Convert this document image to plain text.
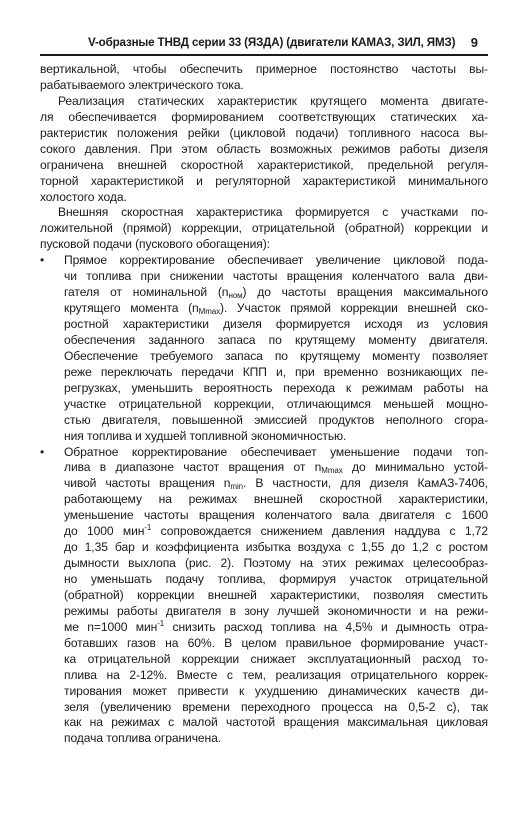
V-образные ТНВД серии 33 (ЯЗДА) (двигатели КАМАЗ, ЗИЛ, ЯМЗ) 9
вертикальной, чтобы обеспечить примерное постоянство частоты вы-
рабатываемого электрического тока.
Реализация статических характеристик крутящего момента двигате-
ля обеспечивается формированием соответствующих статических ха-
рактеристик положения рейки (цикловой подачи) топливного насоса вы-
сокого давления. При этом область возможных режимов работы дизеля
ограничена внешней скоростной характеристикой, предельной регуля-
торной характеристикой и регуляторной характеристикой минимального
холостого хода.
Внешняя скоростная характеристика формируется с участками по-
ложительной (прямой) коррекции, отрицательной (обратной) коррекции и
пусковой подачи (пускового обогащения):
• Прямое корректирование обеспечивает увеличение цикловой пода-
чи топлива при снижении частоты вращения коленчатого вала дви-
гателя от номинальной $(n_{ном})$ до частоты вращения максимального
крутящего момента $(n_{Mmax})$. Участок прямой коррекции внешней ско-
ростной характеристики дизеля формируется исходя из условия
обеспечения заданного запаса по крутящему моменту двигателя.
Обеспечение требуемого запаса по крутящему моменту позволяет
реже переключать передачи КПП и, при временно возникающих пе-
регрузках, уменьшить вероятность перехода к режимам работы на
участке отрицательной коррекции, отличающимся меньшей мощно-
стью двигателя, повышенной эмиссией продуктов неполного сгора-
ния топлива и худшей топливной экономичностью.
• Обратное корректирование обеспечивает уменьшение подачи топ-
лива в диапазоне частот вращения от $n_{Mmax}$ до минимально устой-
чивой частоты вращения $n_{min}$. В частности, для дизеля КамАЗ-7406,
работающему на режимах внешней скоростной характеристики,
уменьшение частоты вращения коленчатого вала двигателя с 1600
до 1000 мин$^{-1}$ сопровождается снижением давления наддува с 1,72
до 1,35 бар и коэффициента избытка воздуха с 1,55 до 1,2 с ростом
дымности выхлопа (рис. 2). Поэтому на этих режимах целесообраз-
но уменьшать подачу топлива, формируя участок отрицательной
(обратной) коррекции внешней характеристики, позволяя сместить
режимы работы двигателя в зону лучшей экономичности и на режи-
ме n=1000 мин$^{-1}$ снизить расход топлива на 4,5% и дымность отра-
ботавших газов на 60%. В целом правильное формирование участ-
ка отрицательной коррекции снижает эксплуатационный расход то-
плива на 2-12%. Вместе с тем, реализация отрицательного коррек-
тирования может привести к ухудшению динамических качеств ди-
зеля (увеличению времени переходного процесса на 0,5-2 с), так
как на режимах с малой частотой вращения максимальная цикловая
подача топлива ограничена.
